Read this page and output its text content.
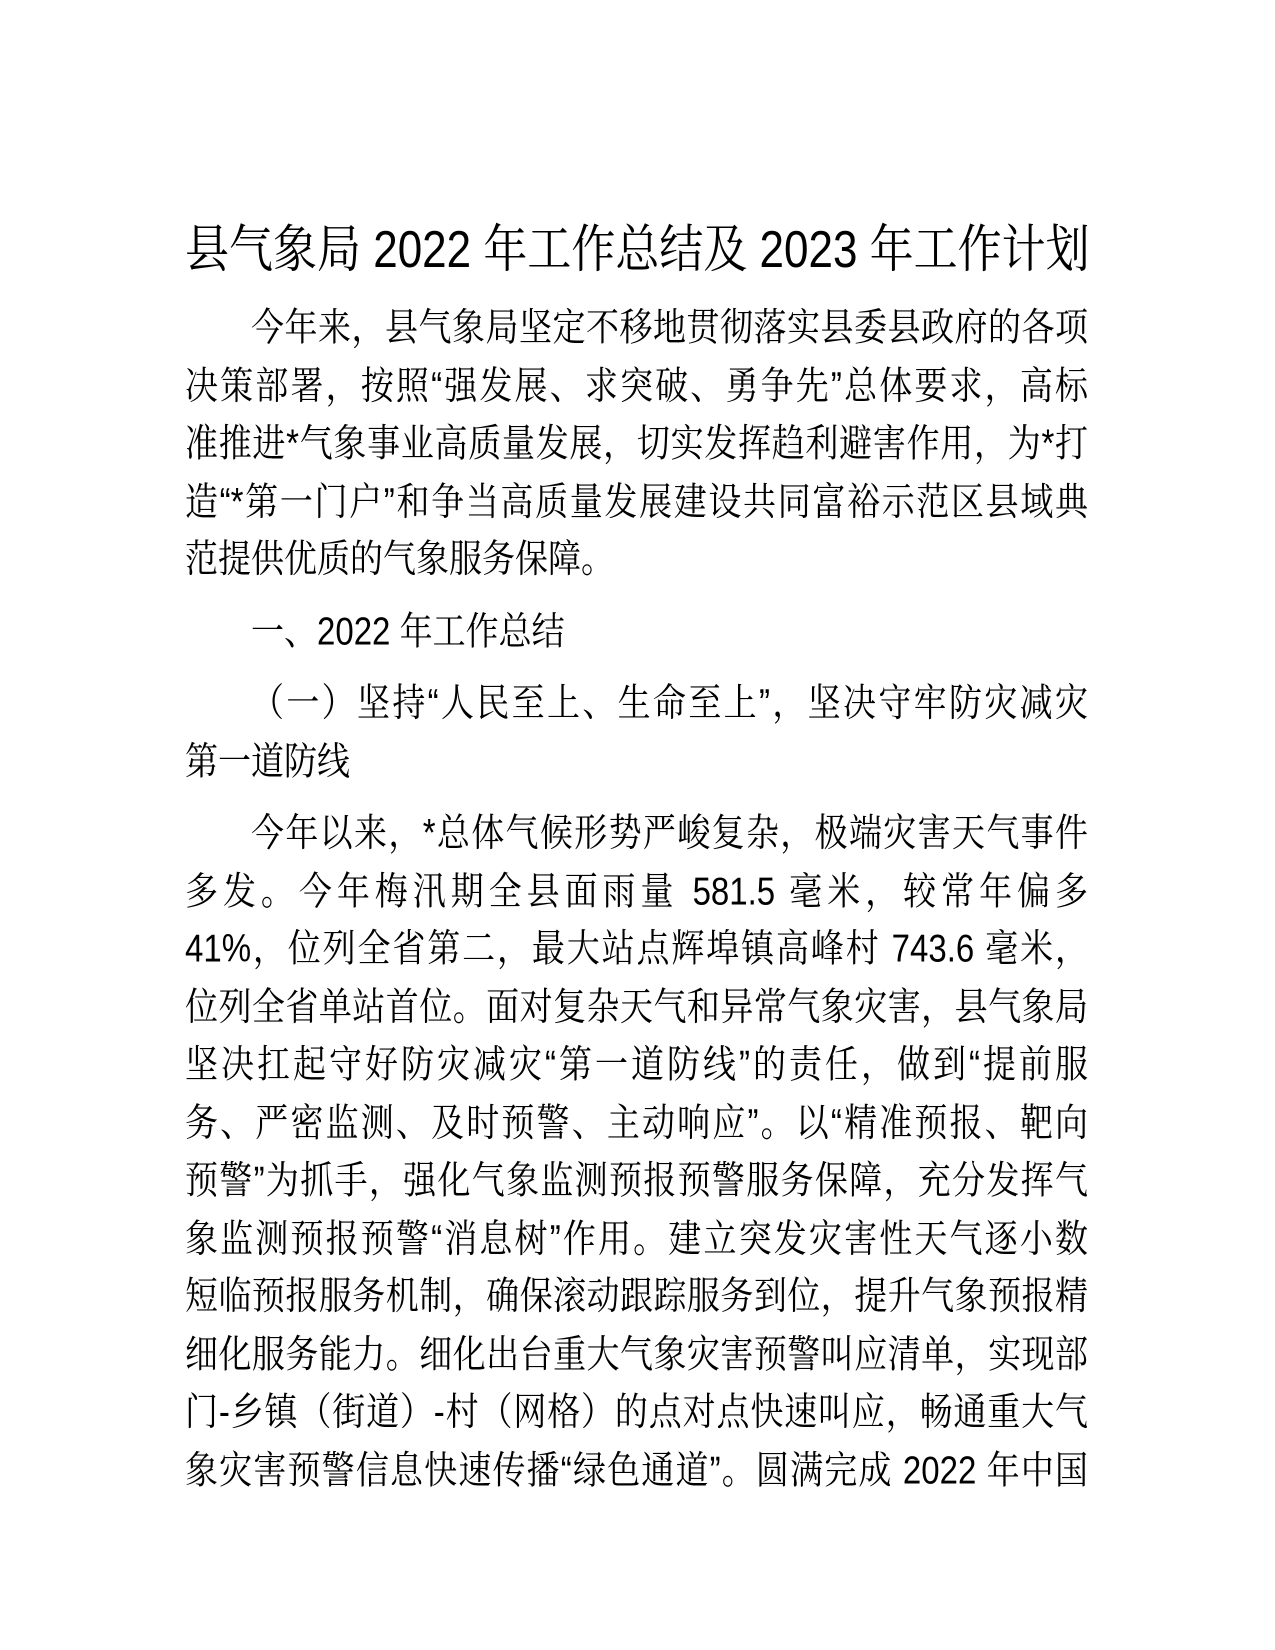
县气象局 2022 年工作总结及 2023 年工作计划
今年来，县气象局坚定不移地贯彻落实县委县政府的各项
决策部署，按照“强发展、求突破、勇争先”总体要求，高标
准推进*气象事业高质量发展，切实发挥趋利避害作用，为*打
造“*第一门户”和争当高质量发展建设共同富裕示范区县域典
范提供优质的气象服务保障。
一、2022 年工作总结
（一）坚持“人民至上、生命至上”，坚决守牢防灾减灾
第一道防线
今年以来，*总体气候形势严峻复杂，极端灾害天气事件
多发。今年梅汛期全县面雨量 581.5 毫米，较常年偏多
41%，位列全省第二，最大站点辉埠镇高峰村 743.6 毫米，
位列全省单站首位。面对复杂天气和异常气象灾害，县气象局
坚决扛起守好防灾减灾“第一道防线”的责任，做到“提前服
务、严密监测、及时预警、主动响应”。以“精准预报、靶向
预警”为抓手，强化气象监测预报预警服务保障，充分发挥气
象监测预报预警“消息树”作用。建立突发灾害性天气逐小数
短临预报服务机制，确保滚动跟踪服务到位，提升气象预报精
细化服务能力。细化出台重大气象灾害预警叫应清单，实现部
门-乡镇（街道）-村（网格）的点对点快速叫应，畅通重大气
象灾害预警信息快速传播“绿色通道”。圆满完成 2022 年中国
